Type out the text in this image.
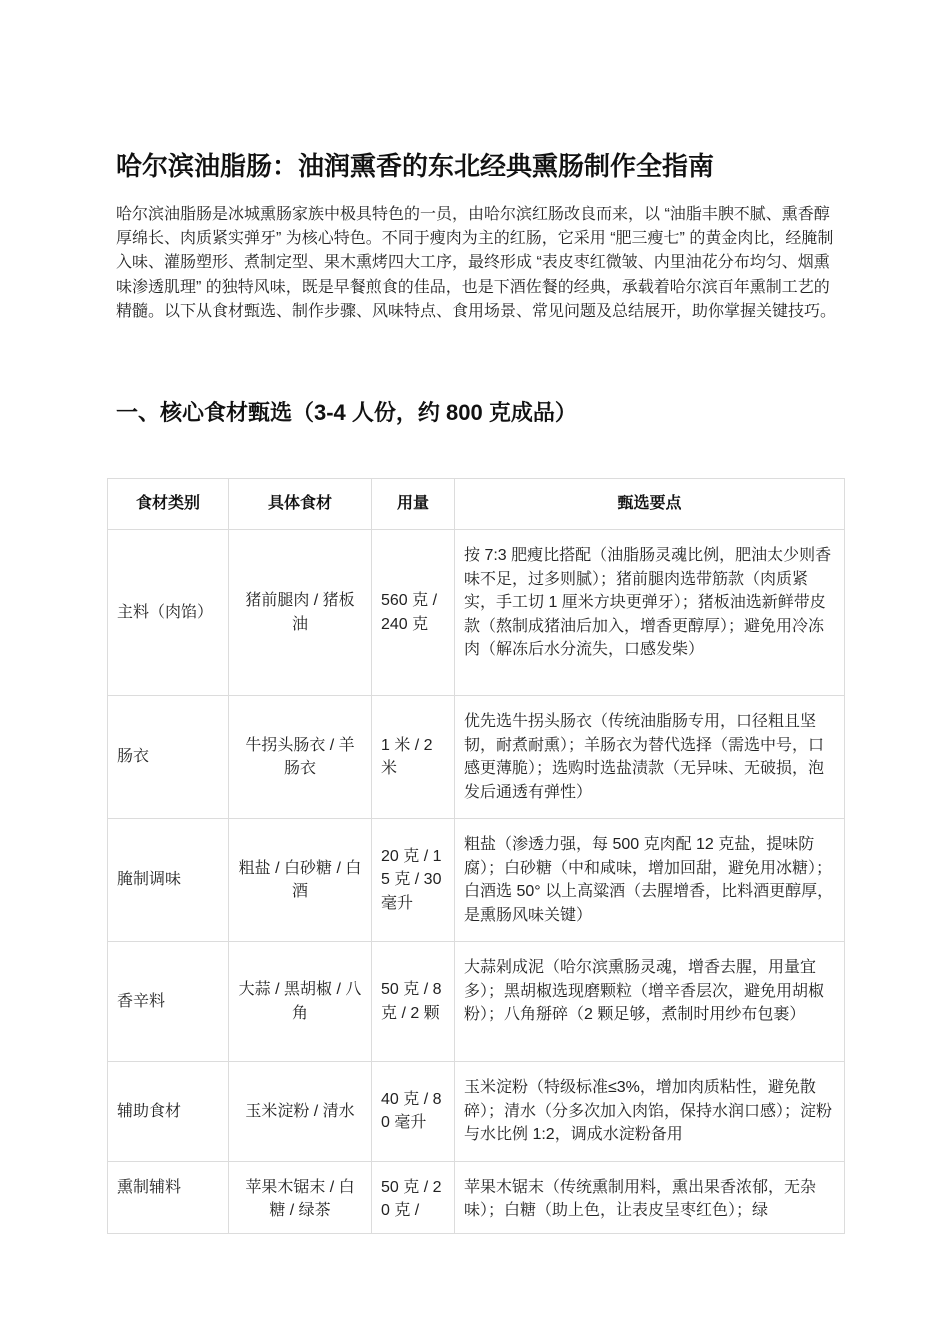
哈尔滨油脂肠：油润熏香的东北经典熏肠制作全指南

哈尔滨油脂肠是冰城熏肠家族中极具特色的一员，由哈尔滨红肠改良而来，以 “油脂丰腴不腻、熏香醇厚绵长、肉质紧实弹牙” 为核心特色。不同于瘦肉为主的红肠，它采用 “肥三瘦七” 的黄金肉比，经腌制入味、灌肠塑形、煮制定型、果木熏烤四大工序，最终形成 “表皮枣红微皱、内里油花分布均匀、烟熏味渗透肌理” 的独特风味，既是早餐煎食的佳品，也是下酒佐餐的经典，承载着哈尔滨百年熏制工艺的精髓。以下从食材甄选、制作步骤、风味特点、食用场景、常见问题及总结展开，助你掌握关键技巧。

一、核心食材甄选（3-4 人份，约 800 克成品）
食材类别	具体食材	用量	甄选要点
主料（肉馅）	猪前腿肉 / 猪板油	560 克 / 240 克	按 7:3 肥瘦比搭配（油脂肠灵魂比例，肥油太少则香味不足，过多则腻）；猪前腿肉选带筋款（肉质紧实，手工切 1 厘米方块更弹牙）；猪板油选新鲜带皮款（熬制成猪油后加入，增香更醇厚）；避免用冷冻肉（解冻后水分流失，口感发柴）
肠衣	牛拐头肠衣 / 羊肠衣	1 米 / 2 米	优先选牛拐头肠衣（传统油脂肠专用，口径粗且坚韧，耐煮耐熏）；羊肠衣为替代选择（需选中号，口感更薄脆）；选购时选盐渍款（无异味、无破损，泡发后通透有弹性）
腌制调味	粗盐 / 白砂糖 / 白酒	20 克 / 15 克 / 30 毫升	粗盐（渗透力强，每 500 克肉配 12 克盐，提味防腐）；白砂糖（中和咸味，增加回甜，避免用冰糖）；白酒选 50° 以上高粱酒（去腥增香，比料酒更醇厚，是熏肠风味关键）
香辛料	大蒜 / 黑胡椒 / 八角	50 克 / 8 克 / 2 颗	大蒜剁成泥（哈尔滨熏肠灵魂，增香去腥，用量宜多）；黑胡椒选现磨颗粒（增辛香层次，避免用胡椒粉）；八角掰碎（2 颗足够，煮制时用纱布包裹）
辅助食材	玉米淀粉 / 清水	40 克 / 80 毫升	玉米淀粉（特级标准≤3%，增加肉质粘性，避免散碎）；清水（分多次加入肉馅，保持水润口感）；淀粉与水比例 1:2，调成水淀粉备用
熏制辅料	苹果木锯末 / 白糖 / 绿茶	50 克 / 20 克 /	苹果木锯末（传统熏制用料，熏出果香浓郁，无杂味）；白糖（助上色，让表皮呈枣红色）；绿
